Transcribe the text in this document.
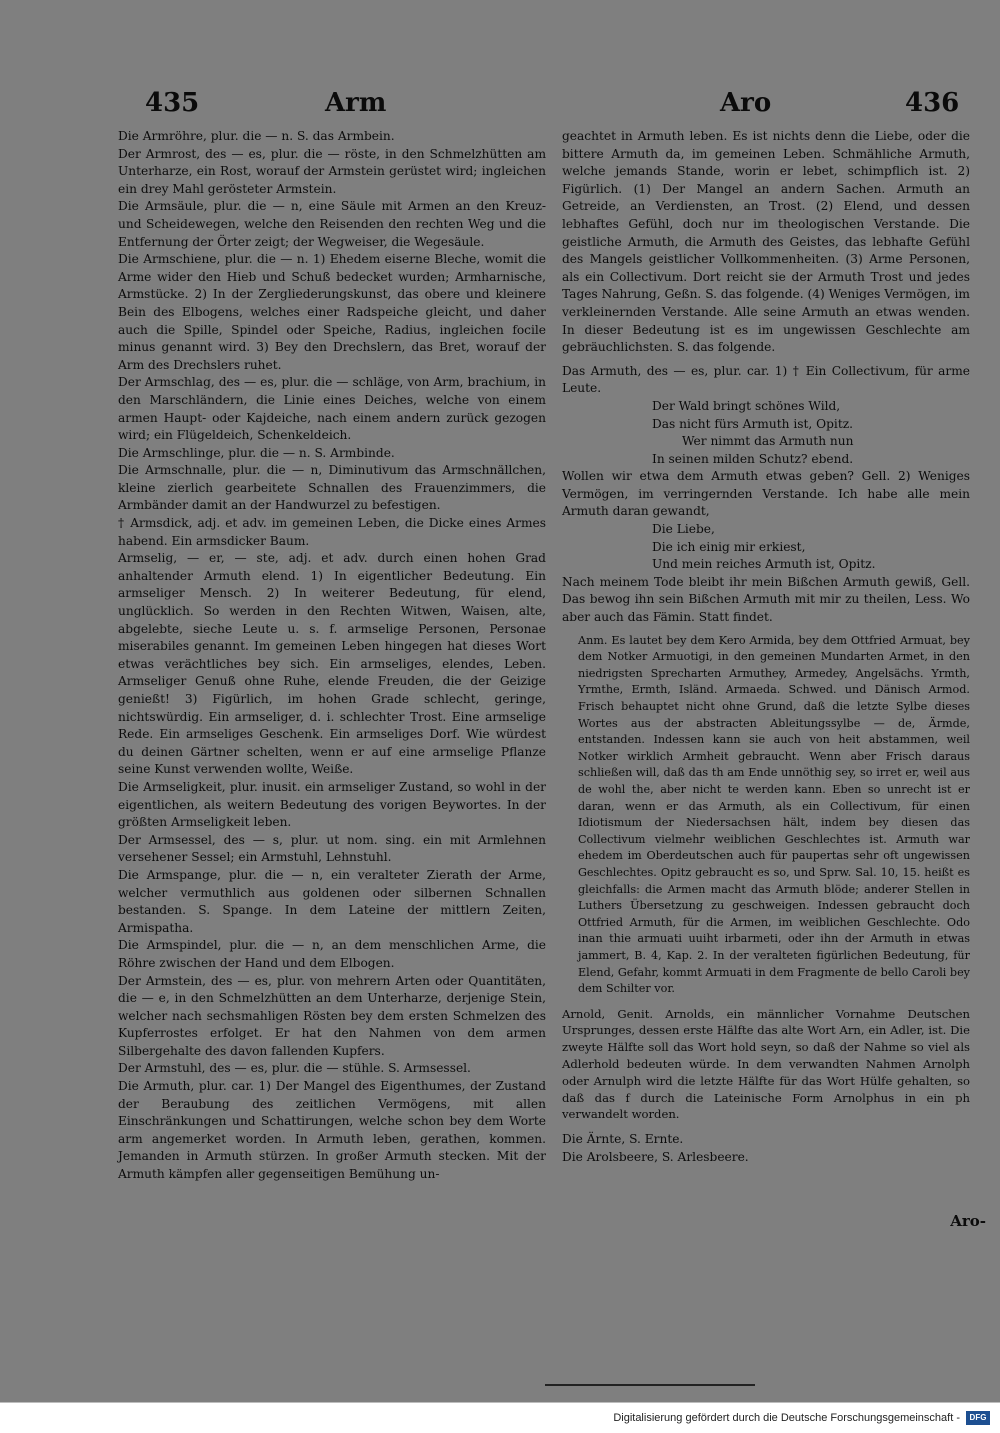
435	Arm	Aro	436

Die Armröhre, plur. die — n. S. das Armbein.

Der Armrost, des — es, plur. die — röste, in den Schmelzhütten am Unterharze, ein Rost, worauf der Armstein gerüstet wird; ingleichen ein drey Mahl gerösteter Armstein.

Die Armsäule, plur. die — n, eine Säule mit Armen an den Kreuz- und Scheidewegen, welche den Reisenden den rechten Weg und die Entfernung der Örter zeigt; der Wegweiser, die Wegesäule.

Die Armschiene, plur. die — n. 1) Ehedem eiserne Bleche, womit die Arme wider den Hieb und Schuß bedecket wurden; Armharnische, Armstücke. 2) In der Zergliederungskunst, das obere und kleinere Bein des Elbogens, welches einer Radspeiche gleicht, und daher auch die Spille, Spindel oder Speiche, Radius, ingleichen focile minus genannt wird. 3) Bey den Drechslern, das Bret, worauf der Arm des Drechslers ruhet.

Der Armschlag, des — es, plur. die — schläge, von Arm, brachium, in den Marschländern, die Linie eines Deiches, welche von einem armen Haupt- oder Kajdeiche, nach einem andern zurück gezogen wird; ein Flügeldeich, Schenkeldeich.

Die Armschlinge, plur. die — n. S. Armbinde.

Die Armschnalle, plur. die — n, Diminutivum das Armschnällchen, kleine zierlich gearbeitete Schnallen des Frauenzimmers, die Armbänder damit an der Handwurzel zu befestigen.

† Armsdick, adj. et adv. im gemeinen Leben, die Dicke eines Armes habend. Ein armsdicker Baum.

Armselig, — er, — ste, adj. et adv. durch einen hohen Grad anhaltender Armuth elend. 1) In eigentlicher Bedeutung. Ein armseliger Mensch. 2) In weiterer Bedeutung, für elend, unglücklich. So werden in den Rechten Witwen, Waisen, alte, abgelebte, sieche Leute u. s. f. armselige Personen, Personae miserabiles genannt. Im gemeinen Leben hingegen hat dieses Wort etwas verächtliches bey sich. Ein armseliges, elendes, Leben. Armseliger Genuß ohne Ruhe, elende Freuden, die der Geizige genießt! 3) Figürlich, im hohen Grade schlecht, geringe, nichtswürdig. Ein armseliger, d. i. schlechter Trost. Eine armselige Rede. Ein armseliges Geschenk. Ein armseliges Dorf. Wie würdest du deinen Gärtner schelten, wenn er auf eine armselige Pflanze seine Kunst verwenden wollte, Weiße.

Die Armseligkeit, plur. inusit. ein armseliger Zustand, so wohl in der eigentlichen, als weitern Bedeutung des vorigen Beywortes. In der größten Armseligkeit leben.

Der Armsessel, des — s, plur. ut nom. sing. ein mit Armlehnen versehener Sessel; ein Armstuhl, Lehnstuhl.

Die Armspange, plur. die — n, ein veralteter Zierath der Arme, welcher vermuthlich aus goldenen oder silbernen Schnallen bestanden. S. Spange. In dem Lateine der mittlern Zeiten, Armispatha.

Die Armspindel, plur. die — n, an dem menschlichen Arme, die Röhre zwischen der Hand und dem Elbogen.

Der Armstein, des — es, plur. von mehrern Arten oder Quantitäten, die — e, in den Schmelzhütten an dem Unterharze, derjenige Stein, welcher nach sechsmahligen Rösten bey dem ersten Schmelzen des Kupferrostes erfolget. Er hat den Nahmen von dem armen Silbergehalte des davon fallenden Kupfers.

Der Armstuhl, des — es, plur. die — stühle. S. Armsessel.

Die Armuth, plur. car. 1) Der Mangel des Eigenthumes, der Zustand der Beraubung des zeitlichen Vermögens, mit allen Einschränkungen und Schattirungen, welche schon bey dem Worte arm angemerket worden. In Armuth leben, gerathen, kommen. Jemanden in Armuth stürzen. In großer Armuth stecken. Mit der Armuth kämpfen aller gegenseitigen Bemühung un-

geachtet in Armuth leben. Es ist nichts denn die Liebe, oder die bittere Armuth da, im gemeinen Leben. Schmähliche Armuth, welche jemands Stande, worin er lebet, schimpflich ist. 2) Figürlich. (1) Der Mangel an andern Sachen. Armuth an Getreide, an Verdiensten, an Trost. (2) Elend, und dessen lebhaftes Gefühl, doch nur im theologischen Verstande. Die geistliche Armuth, die Armuth des Geistes, das lebhafte Gefühl des Mangels geistlicher Vollkommenheiten. (3) Arme Personen, als ein Collectivum. Dort reicht sie der Armuth Trost und jedes Tages Nahrung, Geßn. S. das folgende. (4) Weniges Vermögen, im verkleinernden Verstande. Alle seine Armuth an etwas wenden. In dieser Bedeutung ist es im ungewissen Geschlechte am gebräuchlichsten. S. das folgende.

Das Armuth, des — es, plur. car. 1) † Ein Collectivum, für arme Leute.

Der Wald bringt schönes Wild,

Das nicht fürs Armuth ist, Opitz.

Wer nimmt das Armuth nun

In seinen milden Schutz? ebend.

Wollen wir etwa dem Armuth etwas geben? Gell. 2) Weniges Vermögen, im verringernden Verstande. Ich habe alle mein Armuth daran gewandt,

Die Liebe,

Die ich einig mir erkiest,

Und mein reiches Armuth ist, Opitz.

Nach meinem Tode bleibt ihr mein Bißchen Armuth gewiß, Gell. Das bewog ihn sein Bißchen Armuth mit mir zu theilen, Less. Wo aber auch das Fämin. Statt findet.

Anm. Es lautet bey dem Kero Armida, bey dem Ottfried Armuat, bey dem Notker Armuotigi, in den gemeinen Mundarten Armet, in den niedrigsten Sprecharten Armuthey, Armedey, Angelsächs. Yrmth, Yrmthe, Ermth, Isländ. Armaeda. Schwed. und Dänisch Armod. Frisch behauptet nicht ohne Grund, daß die letzte Sylbe dieses Wortes aus der abstracten Ableitungssylbe — de, Ärmde, entstanden. Indessen kann sie auch von heit abstammen, weil Notker wirklich Armheit gebraucht. Wenn aber Frisch daraus schließen will, daß das th am Ende unnöthig sey, so irret er, weil aus de wohl the, aber nicht te werden kann. Eben so unrecht ist er daran, wenn er das Armuth, als ein Collectivum, für einen Idiotismum der Niedersachsen hält, indem bey diesen das Collectivum vielmehr weiblichen Geschlechtes ist. Armuth war ehedem im Oberdeutschen auch für paupertas sehr oft ungewissen Geschlechtes. Opitz gebraucht es so, und Sprw. Sal. 10, 15. heißt es gleichfalls: die Armen macht das Armuth blöde; anderer Stellen in Luthers Übersetzung zu geschweigen. Indessen gebraucht doch Ottfried Armuth, für die Armen, im weiblichen Geschlechte. Odo inan thie armuati uuiht irbarmeti, oder ihn der Armuth in etwas jammert, B. 4, Kap. 2. In der veralteten figürlichen Bedeutung, für Elend, Gefahr, kommt Armuati in dem Fragmente de bello Caroli bey dem Schilter vor.

Arnold, Genit. Arnolds, ein männlicher Vornahme Deutschen Ursprunges, dessen erste Hälfte das alte Wort Arn, ein Adler, ist. Die zweyte Hälfte soll das Wort hold seyn, so daß der Nahme so viel als Adlerhold bedeuten würde. In dem verwandten Nahmen Arnolph oder Arnulph wird die letzte Hälfte für das Wort Hülfe gehalten, so daß das f durch die Lateinische Form Arnolphus in ein ph verwandelt worden.

Die Ärnte, S. Ernte.

Die Arolsbeere, S. Arlesbeere.

Aro-
Digitalisierung gefördert durch die Deutsche Forschungsgemeinschaft -	DFG
